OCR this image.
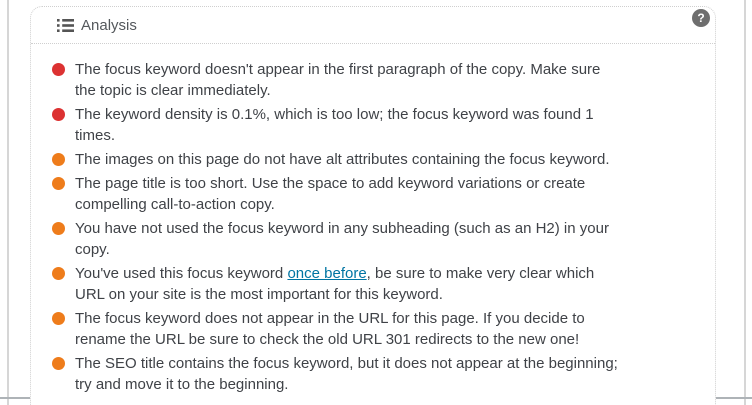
Analysis	?
The focus keyword doesn't appear in the first paragraph of the copy. Make sure
the topic is clear immediately.
The keyword density is 0.1%, which is too low; the focus keyword was found 1
times.
The images on this page do not have alt attributes containing the focus keyword.
The page title is too short. Use the space to add keyword variations or create
compelling call-to-action copy.
You have not used the focus keyword in any subheading (such as an H2) in your
copy.
You've used this focus keyword once before, be sure to make very clear which
URL on your site is the most important for this keyword.
The focus keyword does not appear in the URL for this page. If you decide to
rename the URL be sure to check the old URL 301 redirects to the new one!
The SEO title contains the focus keyword, but it does not appear at the beginning;
try and move it to the beginning.
